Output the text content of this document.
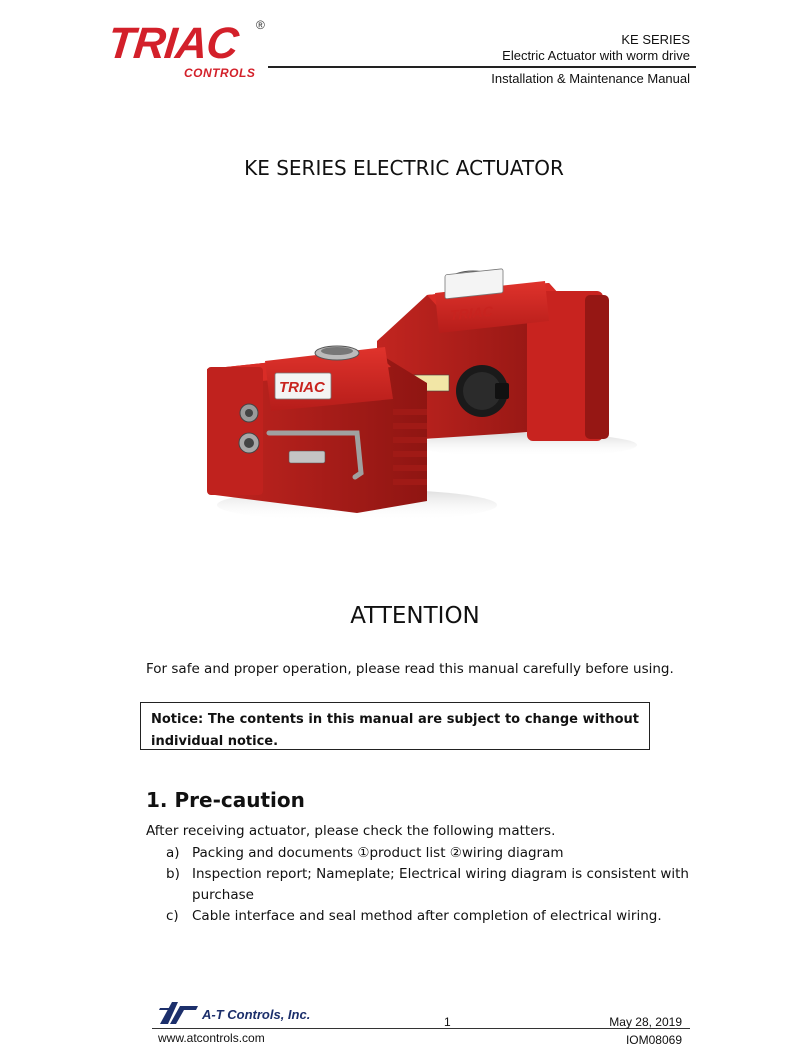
TRIAC ®
CONTROLS
KE SERIES
Electric Actuator with worm drive
Installation & Maintenance Manual
KE SERIES ELECTRIC ACTUATOR
TRIAC
TRIAC
ATTENTION
For safe and proper operation, please read this manual carefully before using.
Notice: The contents in this manual are subject to change without individual notice.
1. Pre-caution
After receiving actuator, please check the following matters.
a) Packing and documents ①product list ②wiring diagram
b) Inspection report; Nameplate; Electrical wiring diagram is consistent with purchase
c) Cable interface and seal method after completion of electrical wiring.
A-T Controls, Inc.	1	May 28, 2019
www.atcontrols.com	IOM08069
